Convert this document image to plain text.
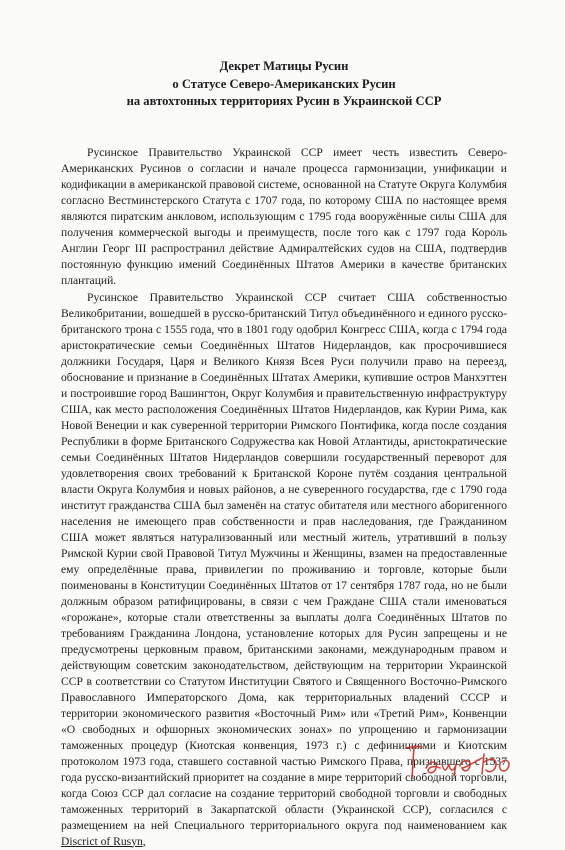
Декрет Матицы Русин
о Статусе Северо-Американских Русин
на автохтонных территориях Русин в Украинской ССР

Русинское Правительство Украинской ССР имеет честь известить Северо-Американских Русинов о согласии и начале процесса гармонизации, унификации и кодификации в американской правовой системе, основанной на Статуте Округа Колумбия согласно Вестминстерского Статута с 1707 года, по которому США по настоящее время являются пиратским анкловом, использующим с 1795 года вооружённые силы США для получения коммерческой выгоды и преимуществ, после того как с 1797 года Король Англии Георг III распространил действие Адмиралтейских судов на США, подтвердив постоянную функцию имений Соединённых Штатов Америки в качестве британских плантаций.

Русинское Правительство Украинской ССР считает США собственностью Великобритании, вошедшей в русско-британский Титул объединённого и единого русско-британского трона с 1555 года, что в 1801 году одобрил Конгресс США, когда с 1794 года аристократические семьи Соединённых Штатов Нидерландов, как просрочившиеся должники Государя, Царя и Великого Князя Всея Руси получили право на переезд, обоснование и признание в Соединённых Штатах Америки, купившие остров Манхэттен и построившие город Вашингтон, Округ Колумбия и правительственную инфраструктуру США, как место расположения Соединённых Штатов Нидерландов, как Курии Рима, как Новой Венеции и как суверенной территории Римского Понтифика, когда после создания Республики в форме Британского Содружества как Новой Атлантиды, аристократические семьи Соединённых Штатов Нидерландов совершили государственный переворот для удовлетворения своих требований к Британской Короне путём создания центральной власти Округа Колумбия и новых районов, а не суверенного государства, где с 1790 года институт гражданства США был заменён на статус обитателя или местного аборигенного населения не имеющего прав собственности и прав наследования, где Гражданином США может являться натурализованный или местный житель, утративший в пользу Римской Курии свой Правовой Титул Мужчины и Женщины, взамен на предоставленные ему определённые права, привилегии по проживанию и торговле, которые были поименованы в Конституции Соединённых Штатов от 17 сентября 1787 года, но не были должным образом ратифицированы, в связи с чем Граждане США стали именоваться «горожане», которые стали ответственны за выплаты долга Соединённых Штатов по требованиям Гражданина Лондона, установление которых для Русин запрещены и не предусмотрены церковным правом, британскими законами, международным правом и действующим советским законодательством, действующим на территории Украинской ССР в соответствии со Статутом Институции Святого и Священного Восточно-Римского Православного Императорского Дома, как территориальных владений СССР и территории экономического развития «Восточный Рим» или «Третий Рим», Конвенции «О свободных и офшорных экономических зонах» по упрощению и гармонизации таможенных процедур (Киотская конвенция, 1973 г.) с дефинициями и Киотским протоколом 1973 года, ставшего составной частью Римского Права, признавшего с 1537 года русско-византийский приоритет на создание в мире территорий свободной торговли, когда Союз ССР дал согласие на создание территорий свободной торговли и свободных таможенных территорий в Закарпатской области (Украинской ССР), согласился с размещением на ней Специального территориального округа под наименованием как Discrict of Rusyn,
